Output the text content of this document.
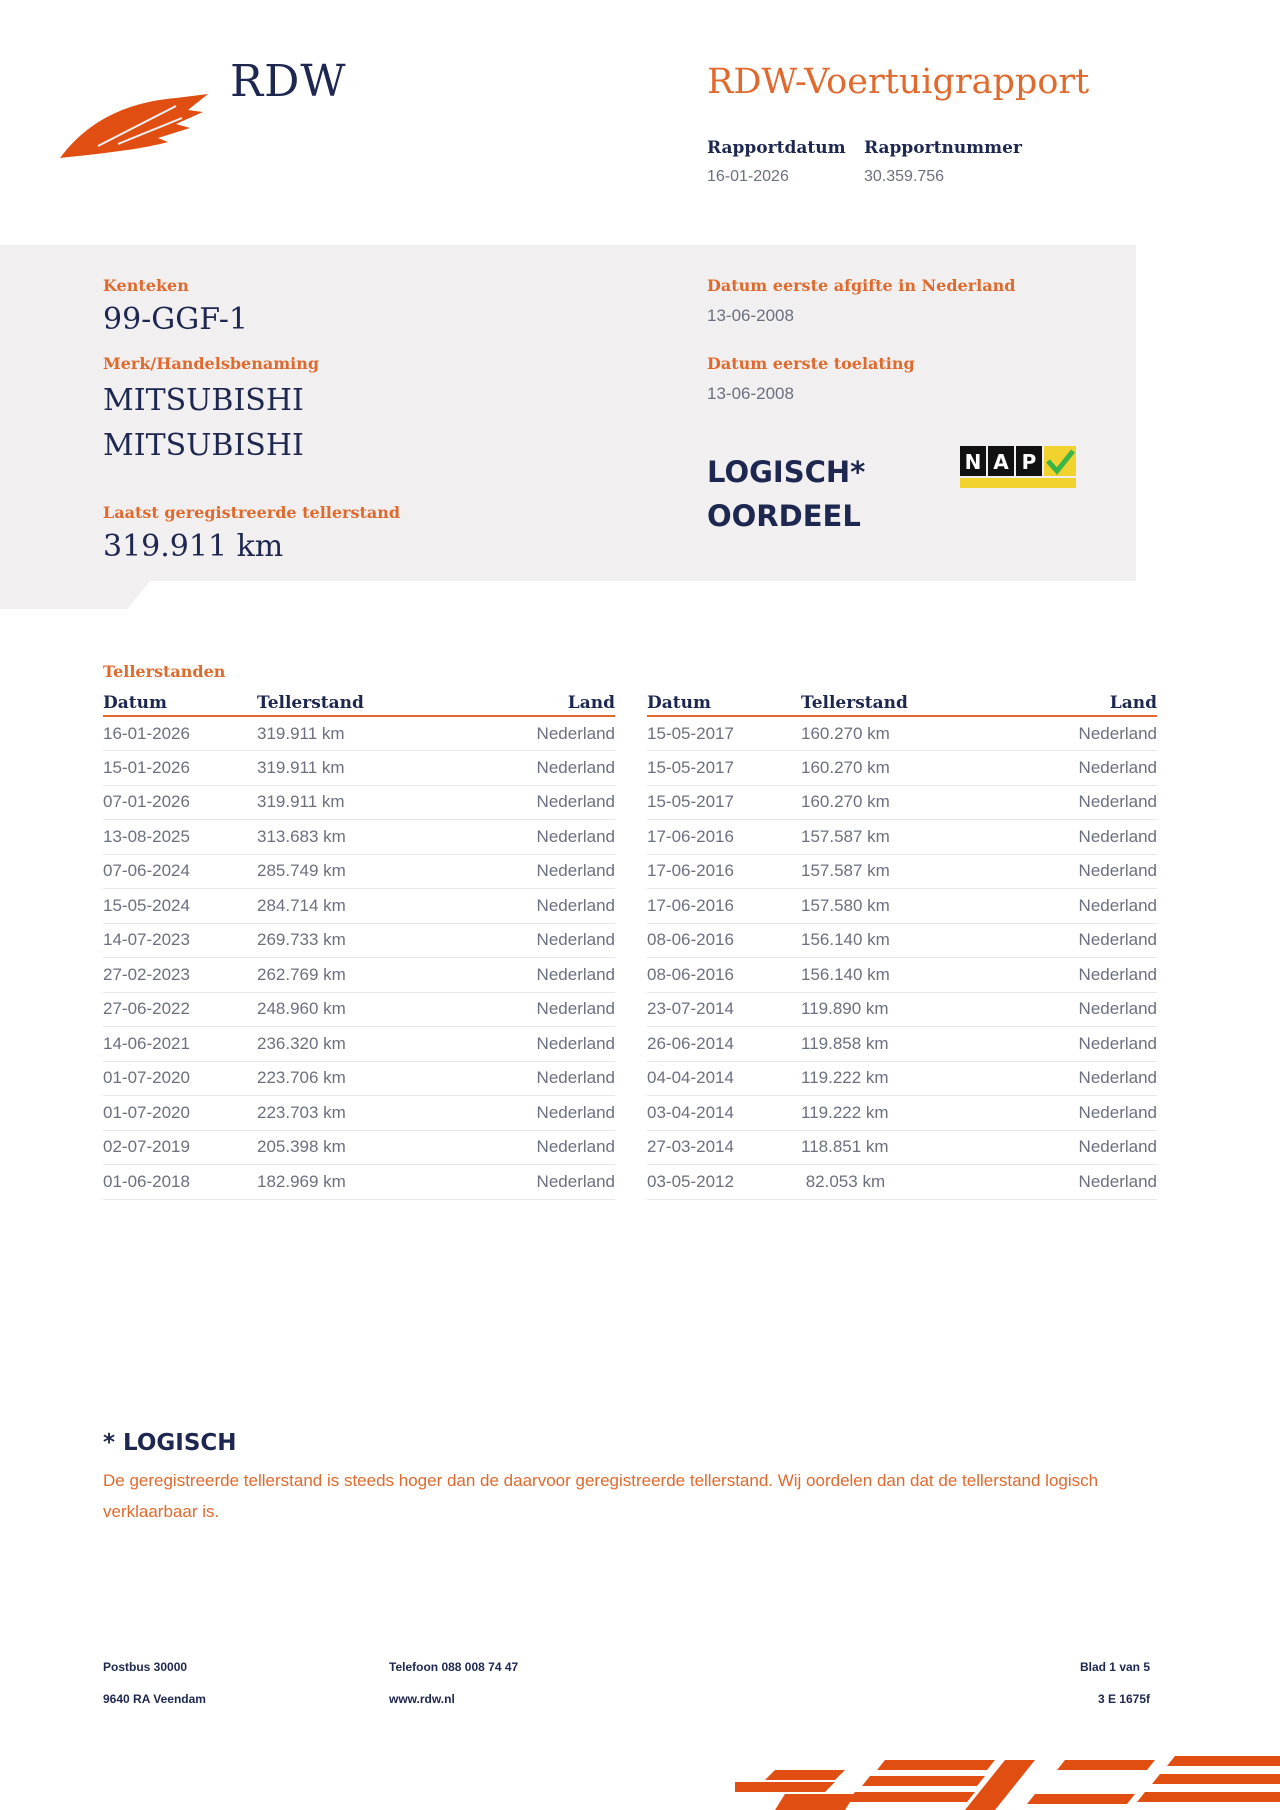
RDW	RDW-Voertuigrapport
Rapportdatum
16-01-2026
Rapportnummer
30.359.756
Kenteken
99-GGF-1
Merk/Handelsbenaming
MITSUBISHI
MITSUBISHI
Laatst geregistreerde tellerstand
319.911 km
Datum eerste afgifte in Nederland
13-06-2008
Datum eerste toelating
13-06-2008
LOGISCH*
OORDEEL
N A P
Tellerstanden
Datum	Tellerstand	Land
16-01-2026	319.911 km	Nederland
15-01-2026	319.911 km	Nederland
07-01-2026	319.911 km	Nederland
13-08-2025	313.683 km	Nederland
07-06-2024	285.749 km	Nederland
15-05-2024	284.714 km	Nederland
14-07-2023	269.733 km	Nederland
27-02-2023	262.769 km	Nederland
27-06-2022	248.960 km	Nederland
14-06-2021	236.320 km	Nederland
01-07-2020	223.706 km	Nederland
01-07-2020	223.703 km	Nederland
02-07-2019	205.398 km	Nederland
01-06-2018	182.969 km	Nederland
Datum	Tellerstand	Land
15-05-2017	160.270 km	Nederland
15-05-2017	160.270 km	Nederland
15-05-2017	160.270 km	Nederland
17-06-2016	157.587 km	Nederland
17-06-2016	157.587 km	Nederland
17-06-2016	157.580 km	Nederland
08-06-2016	156.140 km	Nederland
08-06-2016	156.140 km	Nederland
23-07-2014	119.890 km	Nederland
26-06-2014	119.858 km	Nederland
04-04-2014	119.222 km	Nederland
03-04-2014	119.222 km	Nederland
27-03-2014	118.851 km	Nederland
03-05-2012	82.053 km	Nederland
* LOGISCH
De geregistreerde tellerstand is steeds hoger dan de daarvoor geregistreerde tellerstand. Wij oordelen dan dat de tellerstand logisch verklaarbaar is.
Postbus 30000
9640 RA Veendam
Telefoon 088 008 74 47
www.rdw.nl
Blad 1 van 5
3 E 1675f
